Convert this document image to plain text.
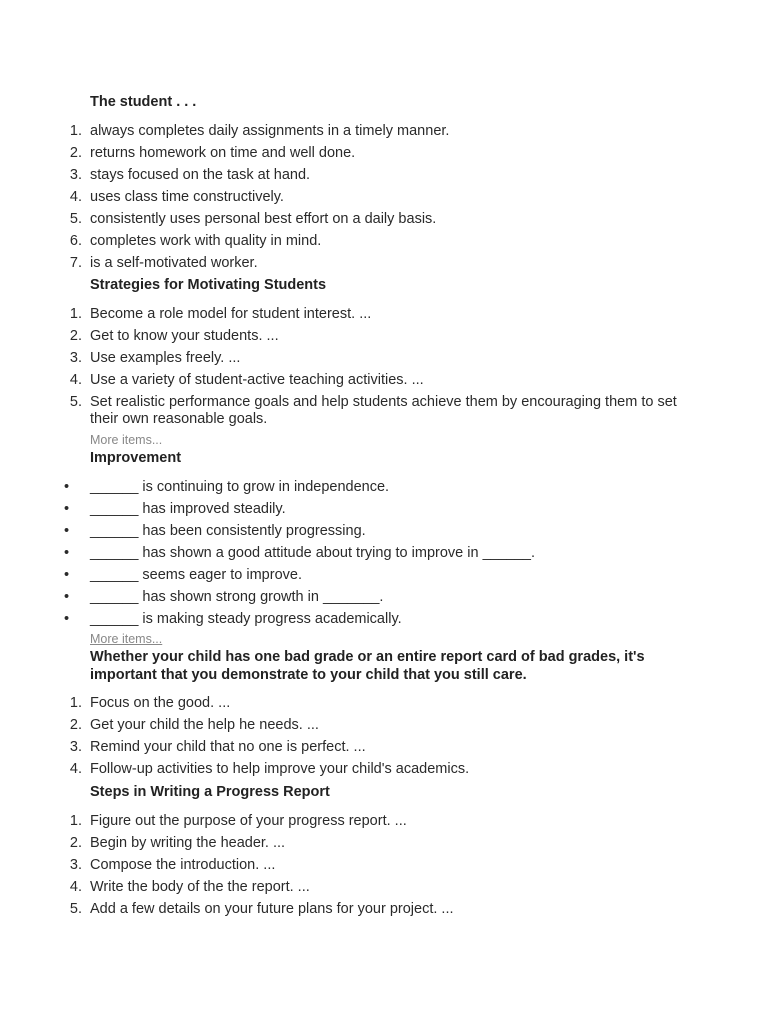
The student . . .
1. always completes daily assignments in a timely manner.
2. returns homework on time and well done.
3. stays focused on the task at hand.
4. uses class time constructively.
5. consistently uses personal best effort on a daily basis.
6. completes work with quality in mind.
7. is a self-motivated worker.
Strategies for Motivating Students
1. Become a role model for student interest. ...
2. Get to know your students. ...
3. Use examples freely. ...
4. Use a variety of student-active teaching activities. ...
5. Set realistic performance goals and help students achieve them by encouraging them to set their own reasonable goals.
More items...
Improvement
•	______ is continuing to grow in independence.
•	______ has improved steadily.
•	______ has been consistently progressing.
•	______ has shown a good attitude about trying to improve in ______.
•	______ seems eager to improve.
•	______ has shown strong growth in _______.
•	______ is making steady progress academically.
More items...
Whether your child has one bad grade or an entire report card of bad grades, it's important that you demonstrate to your child that you still care.
1. Focus on the good. ...
2. Get your child the help he needs. ...
3. Remind your child that no one is perfect. ...
4. Follow-up activities to help improve your child's academics.
Steps in Writing a Progress Report
1. Figure out the purpose of your progress report. ...
2. Begin by writing the header. ...
3. Compose the introduction. ...
4. Write the body of the the report. ...
5. Add a few details on your future plans for your project. ...
